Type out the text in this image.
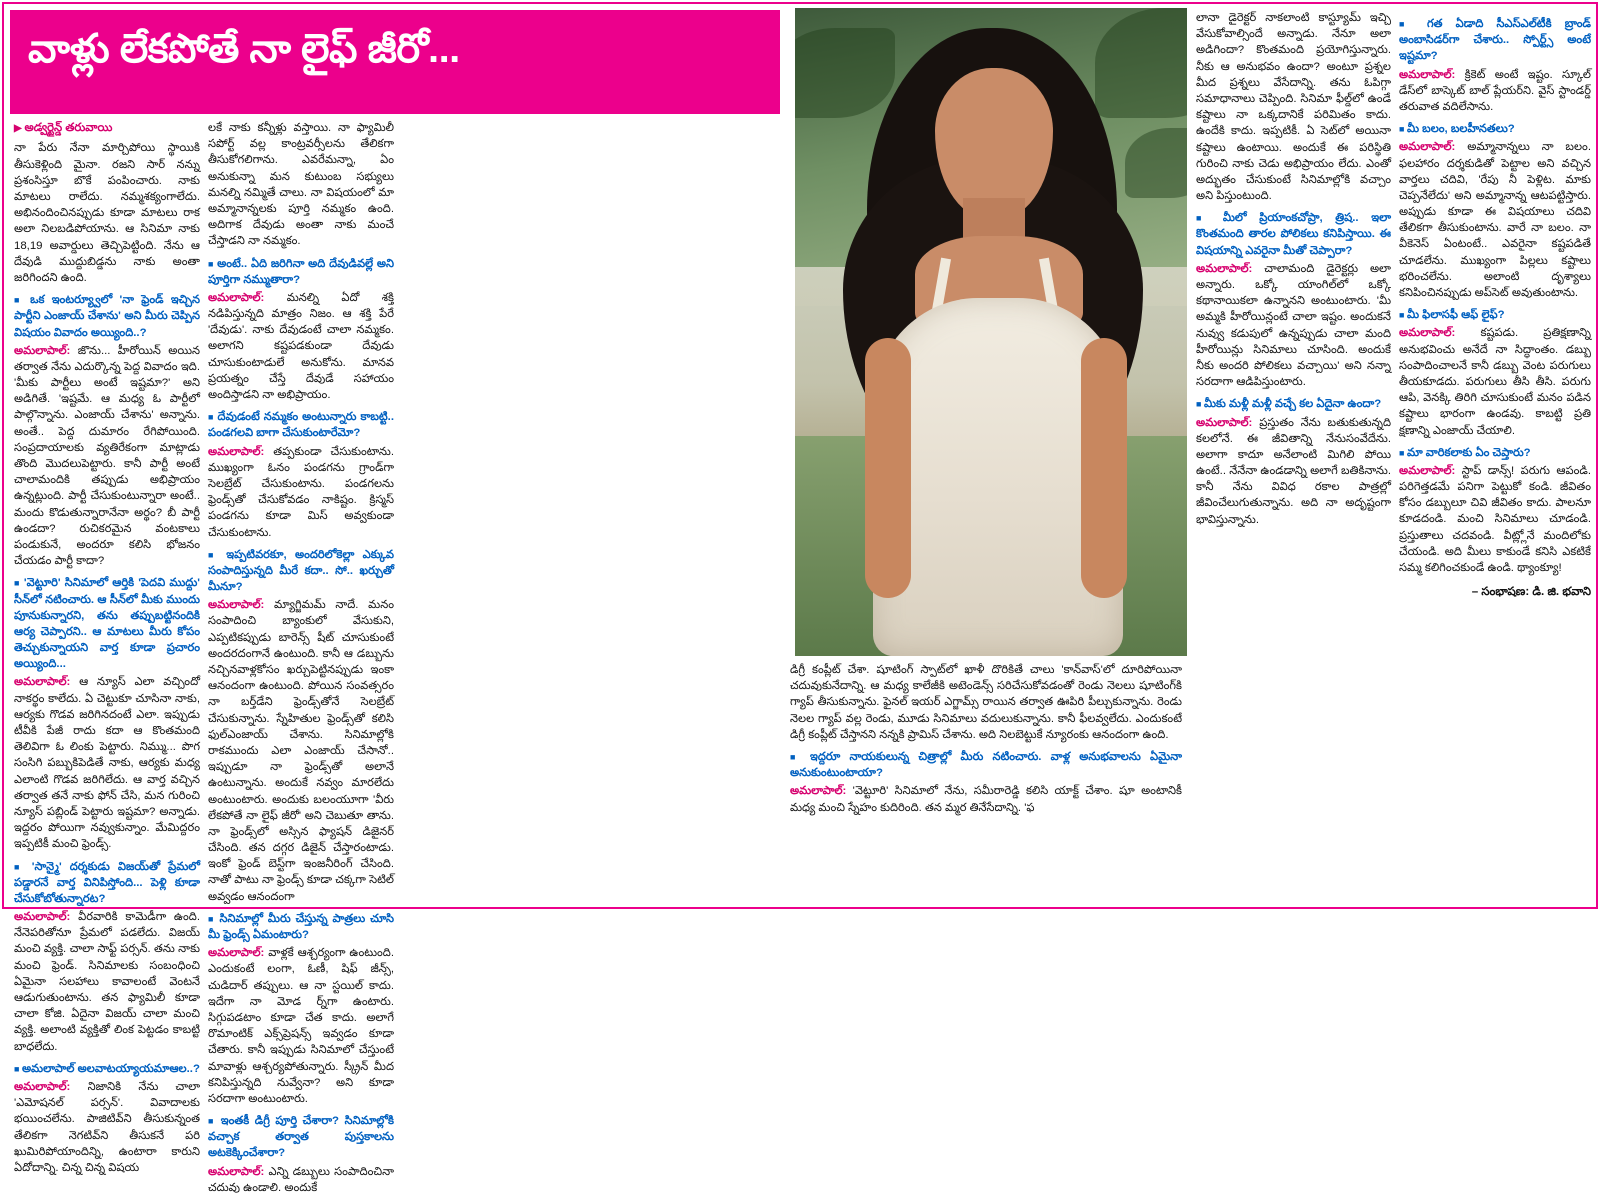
వాళ్లు లేకపోతే నా లైఫ్ జీరో...
▶ అడ్వర్టైన్డ్ తరువాయి

నా పేరు నేనా మార్చిపోయి స్థాయికి తీసుకెళ్లింది మైనా. రజని సార్ నన్ను ప్రశంసిస్తూ బొకే పంపించారు. నాకు మాటలు రాలేదు. నమ్మశక్యంగాలేదు. అభినందించినప్పుడు కూడా మాటలు రాక అలా నిలబడిపోయాను. ఆ సినిమా నాకు 18,19 అవార్డులు తెచ్చిపెట్టింది. నేను ఆ దేవుడి ముద్దుబిడ్డను నాకు అంతా జరిగిందని ఉంది.

■ ఒక ఇంటర్య్వూలో 'నా ఫ్రెండ్ ఇచ్చిన పార్టీని ఎంజాయ్ చేశాను' అని మీరు చెప్పిన విషయం వివాదం అయ్యింది..?

అమలాపాల్: జొను... హీరోయిన్ అయిన తర్వాత నేను ఎదుర్కొన్న పెద్ద వివాదం ఇది. 'మీకు పార్టీలు అంటే ఇష్టమా?' అని అడిగితే. 'ఇష్టమే. ఆ మధ్య ఓ పార్టీలో పాల్గొన్నాను. ఎంజాయ్ చేశాను' అన్నాను. అంతే.. పెద్ద దుమారం రేగిపోయింది. సంప్రదాయాలకు వ్యతిరేకంగా మాట్లాడు తొంది మొదలుపెట్టారు. కానీ పార్టీ అంటే చాలామందికి తప్పుడు అభిప్రాయం ఉన్నట్లుంది. పార్టీ చేసుకుంటున్నారా అంటే.. మందు కొడుతున్నారానేనా అర్థం? బీ పార్టీ ఉండదా? రుచికరమైన వంటకాలు పండుకునే, అందరూ కలిసి భోజనం చేయడం పార్టీ కాదా?

■ 'వెట్టూరి' సినిమాలో ఆర్తికి 'పెదవి ముద్దు' సీన్‌లో నటించారు. ఆ సీన్‌లో మీకు ముందు పూనుకున్నారని, తను తప్పుబట్టినందికి ఆర్య చెప్పారని.. ఆ మాటలు మీరు కోపం తెచ్చుకున్నాయని వార్త కూడా ప్రచారం అయ్యింది...

అమలాపాల్: ఆ న్యూస్ ఎలా వచ్చిందో నాకర్థం కాలేదు. ఏ చెట్టుకూ చూసినా నాకు, ఆర్యకు గొడవ జరిగినదంటే ఎలా. ఇప్పుడు టీవీకి పేజీ రాదు కదా ఆ కొంతమంది తెలివిగా ఓ లింకు పెట్టారు. నిమ్ము... పొగ సంసిగి పబ్బుకిపెడితే నాకు, ఆర్యకు మధ్య ఎలాంటి గొడవ జరిగిలేదు. ఆ వార్త వచ్చిన తర్వాత తనే నాకు ఫోన్ చేసి, మన గురించి న్యూస్ పబ్లిండ్ పెట్టారు ఇష్టమా? అన్నాడు. ఇద్దరం పోయిగా నవ్వుకున్నాం. మేమిద్దరం ఇప్పటికీ మంచి ఫ్రెండ్స్.

■ 'సాన్మై' దర్శకుడు విజయ్‌తో ప్రేమలో పడ్డారనే వార్త వినిపిస్తోంది... పెళ్లి కూడా చేసుకోబోతున్నారట?

అమలాపాల్: వీరవారికి కామెడీగా ఉంది. నేనెపరితోనూ ప్రేమలో పడలేదు. విజయ్ మంచి వ్యక్తి. చాలా సాఫ్ట్ పర్సన్. తను నాకు మంచి ఫ్రెండ్. సినిమాలకు సంబంధించి ఏమైనా సలహాలు కావాలంటే వెంటనే ఆడుగుతుంటాను. తన ఫ్యామిలీ కూడా చాలా కోజి. ఏదైనా విజయ్ చాలా మంచి వ్యక్తి. అలాంటి వ్యక్తితో లింక పెట్టడం కాబట్టి బాధలేదు.

■ అమలాపాల్ అలవాటయ్యాయమాఆల..?

అమలాపాల్: నిజానికి నేను చాలా 'ఎమోషనల్ పర్సన్'. వివాదాలకు భయించలేను. పాజిటివ్‌ని తీసుకున్నంత తేలికగా నెగటివ్‌ని తీసుకనే పరి ఖుమిరిపోయాందిన్ని, ఉంటారా కారుని ఏదోదాన్ని. చిన్న చిన్న విషయ

లకే నాకు కన్నీళ్లు వస్తాయి. నా ఫ్యామిలీ సపోర్ట్ వల్ల కాంట్రవర్సీలను తేలికగా తీసుకోగలిగాను. ఎవరేమన్నా, ఏం అనుకున్నా మన కుటుంబ సభ్యులు మనల్ని నమ్మితే చాలు. నా విషయంలో మా అమ్మానాన్నలకు పూర్తి నమ్మకం ఉంది. అదిగాక దేవుడు అంతా నాకు మంచే చేస్తాడని నా నమ్మకం.

■ అంటే.. ఏది జరిగినా అది దేవుడివల్లే అని పూర్తిగా నమ్ముతారా?

అమలాపాల్: మనల్ని ఏదో శక్తి నడిపిస్తున్నది మాత్రం నిజం. ఆ శక్తి పేరే 'దేవుడు'. నాకు దేవుడంటే చాలా నమ్మకం. అలాగని కష్టపడకుండా దేవుడు చూసుకుంటాడులే అనుకోను. మానవ ప్రయత్నం చేస్తే దేవుడే సహాయం అందిస్తాడని నా అభిప్రాయం.

■ దేవుడంటే నమ్మకం అంటున్నారు కాబట్టి.. పండగలవి బాగా చేసుకుంటారేమో?

అమలాపాల్: తప్పకుండా చేసుకుంటాను. ముఖ్యంగా ఓనం పండగను గ్రాండ్‌గా సెలబ్రేట్ చేసుకుంటాను. పండగలను ఫ్రెండ్స్‌తో చేసుకోవడం నాకిష్టం. క్రిస్మస్ పండగను కూడా మిస్ అవ్వకుండా చేసుకుంటాను.

■ ఇప్పటివరకూ, అందరిలోకెల్లా ఎక్కువ సంపాదిస్తున్నది మీరే కదా.. సో.. ఖర్చుతో మీనూ?

అమలాపాల్: మ్యాగ్జిమమ్ నాదే. మనం సంపాదించి బ్యాంకులో వేసుకుని, ఎప్పటికప్పుడు బారెన్స్ షీట్ చూసుకుంటే అందరదంగానే ఉంటుంది. కానీ ఆ డబ్బును నచ్చినవాళ్లకోసం ఖర్చుపెట్టినప్పుడు ఇంకా ఆనందంగా ఉంటుంది. పోయిన సంవత్సరం నా బర్త్‌డేని ఫ్రెండ్స్‌తోనే సెలబ్రేట్ చేసుకున్నాను. స్నేహితుల ఫ్రెండ్స్‌తో కలిసి ఫుల్‌ఎంజాయ్ చేశాను. సినిమాల్లోకి రాకముందు ఎలా ఎంజాయ్ చేసానో.. ఇప్పుడూ నా ఫ్రెండ్స్‌తో అలానే ఉంటున్నాను. అందుకే నవ్వం మారలేదు అంటుంటారు. అందుకు బలంయూగా 'వీరు లేకపోతే నా లైఫ్ జీరో' అని చెబుతూ తాను. నా ఫ్రెండ్స్‌లో అస్సిన ఫ్యాషన్ డిజైనర్ చేసింది. తన దగ్గర డిజైన్ చేస్తారంటాడు. ఇంకో ఫ్రెండ్ బెస్ట్‌గా ఇంజనీరింగ్ చేసింది. నాతో పాటు నా ఫ్రెండ్స్ కూడా చక్కగా సెటిల్ అవ్వడం ఆనందంగా

■ సినిమాల్లో మీరు చేస్తున్న పాత్రలు చూసి మీ ఫ్రెండ్స్ ఏమంటారు?

అమలాపాల్: వాళ్లకే ఆశ్చర్యంగా ఉంటుంది. ఎందుకంటే లంగా, ఓణీ, షిఫ్ జీన్స్, చుడిదార్ తప్పులు. ఆ నా స్టయిల్ కాదు. ఇదేగా నా మోడ ర్న్‌గా ఉంటారు. సిగ్గుపడటాం కూడా చేత కాదు. అలాగే రొమాంటిక్ ఎక్స్‌ప్రెషన్స్ ఇవ్వడం కూడా చేతారు. కానీ ఇప్పుడు సినిమాలో చేస్తుంటే మావాళ్లు ఆశ్చర్యపోతున్నారు. స్క్రీన్ మీద కనిపిస్తున్నది నువ్వేనా? అని కూడా సరదాగా అంటుంటారు.

■ ఇంతకీ డిగ్రీ పూర్తి చేశారా? సినిమాల్లోకి వచ్చాక తర్వాత పుస్తకాలను అటకెక్కించేశారా?

అమలాపాల్: ఎన్ని డబ్బులు సంపాదించినా చదువు ఉండాలి. అందుకే

డిగ్రీ కంప్లీట్ చేశా. షూటింగ్ స్పాట్‌లో ఖాళీ దొరికితే చాలు 'కాన్‌వాస్‌'లో దూరిపోయినా చదువుకునేదాన్ని. ఆ మధ్య కాలేజీకి అటెండెన్స్ సరిచేసుకోవడంతో రెండు నెలలు షూటింగ్‌కి గ్యాప్ తీసుకున్నాను. ఫైనల్ ఇయర్ ఎగ్జామ్స్ రాయిన తర్వాత ఊపిరి పీల్చుకున్నాను. రెండు నెలల గ్యాప్ వల్ల రెండు, మూడు సినిమాలు వదులుకున్నాను. కానీ ఫీలవ్వలేదు. ఎందుకంటే డిగ్రీ కంప్లీట్ చేస్తానని నన్నకి ప్రామిస్ చేశాను. అది నిలబెట్టుకే న్యూరంకు ఆనందంగా ఉంది.

■ ఇద్దరూ నాయకులున్న చిత్రాల్లో మీరు నటించారు. వాళ్ల అనుభవాలను ఏమైనా అనుకుంటుంటాయా?

అమలాపాల్: 'వెట్టూరి' సినిమాలో నేను, సమీరారెడ్డి కలిసి యాక్ట్ చేశాం. షూ అంటానికీ మధ్య మంచి స్నేహం కుదిరింది. తన మ్మర తినేసేదాన్ని. 'ఫ

లానా డైరెక్టర్ నాకలాంటి కాస్ట్యూమ్ ఇచ్చి వేసుకోవాల్సిందే అన్నాడు. నేనూ అలా అడిగిందా? కొంతమంది ప్రయోగిస్తున్నారు. నీకు ఆ అనుభవం ఉందా? అంటూ ప్రశ్నల మీద ప్రశ్నలు వేసేదాన్ని. తను ఓపిగ్గా సమాధానాలు చెప్పింది. సినిమా ఫీల్డ్‌లో ఉండే కష్టాలు నా ఒక్కదానికే పరిమితం కాదు. ఉందేకి కాదు. ఇప్పటికీ. ఏ సెట్‌లో అయినా కష్టాలు ఉంటాయి. అందుకే ఈ పరిస్థితి గురించి నాకు చెడు అభిప్రాయం లేదు. ఎంతో అద్భుతం చేసుకుంటే సినిమాల్లోకి వచ్చాం అని పిస్తుంటుంది.

■ మీలో ప్రియాంకచోప్రా, త్రిష.. ఇలా కొంతమంది తారల పోలికలు కనిపిస్తాయి. ఈ విషయాన్ని ఎవరైనా మీతో చెప్పారా?

అమలాపాల్: చాలామంది డైరెక్టర్లు అలా అన్నారు. ఒక్కో యాంగిల్‌లో ఒక్కో కథానాయికలా ఉన్నానని అంటుంటారు. 'మీ అమ్మకి హీరోయిన్లంటే చాలా ఇష్టం. అందుకనే నువ్వు కడుపులో ఉన్నప్పుడు చాలా మంది హీరోయిన్లు సినిమాలు చూసింది. అందుకే నీకు అందరి పోలికలు వచ్చాయి' అని నన్నా సరదాగా ఆడిపిస్తుంటారు.

■ మీకు మళ్లీ మళ్లీ వచ్చే కల ఏదైనా ఉందా?

అమలాపాల్: ప్రస్తుతం నేను బతుకుతున్నది కలలోనే. ఈ జీవితాన్ని నేనుసంవేదేను. అలాగా కాదూ అనేలాంటి మిగిలి పోయి ఉంటే.. నేనేనా ఉండడాన్ని అలాగే బతికినాను. కానీ నేను వివిధ రకాల పాత్రల్లో జీవించేలుగుతున్నాను. అది నా అదృష్టంగా భావిస్తున్నాను.

■ గత ఏడాది సీఎస్‌ఎల్‌టీకి బ్రాండ్ అంబాసిడర్‌గా చేశారు.. స్పోర్ట్స్ అంటే ఇష్టమా?

అమలాపాల్: క్రికెట్ అంటే ఇష్టం. స్కూల్ డేస్‌లో బాస్కెట్ బాల్ ప్లేయర్‌ని. వైస్ స్టాండర్డ్ తరువాత వదిలేసాను.

■ మీ బలం, బలహీనతలు?

అమలాపాల్: అమ్మానాన్నలు నా బలం. ఫలహారం దర్శకుడితో పెట్టాల అని వచ్చిన వార్తలు చదివి, 'రేపు నీ పెళ్లిట. మాకు చెప్పనేలేదు' అని అమ్మానాన్న ఆటపట్టిస్తారు. అప్పుడు కూడా ఈ విషయాలు చదివి తేలికగా తీసుకుంటాను. వారే నా బలం. నా వీకెనెస్ ఏంటంటే.. ఎవరైనా కష్టపడితే చూడలేను. ముఖ్యంగా పిల్లలు కష్టాలు భరించలేను. అలాంటి దృశ్యాలు కనిపించినప్పుడు అప్‌సెట్ అవుతుంటాను.

■ మీ ఫిలాసఫీ ఆఫ్ లైఫ్?

అమలాపాల్: కష్టపడు. ప్రతిక్షణాన్ని అనుభవించు అనేదే నా సిద్ధాంతం. డబ్బు సంపాదించాలనే కానీ డబ్బు వెంట పరుగులు తీయకూడదు. పరుగులు తీసి తీసి. పరుగు ఆపి, వెనక్కి తిరిగి చూసుకుంటే మనం పడిన కష్టాలు భారంగా ఉండవు. కాబట్టి ప్రతి క్షణాన్ని ఎంజాయ్ చేయాలి.

■ మా వారికలాకు ఏం చెప్తారు?

అమలాపాల్: స్టాప్ డాన్స్! పరుగు ఆపండి. పరిగెత్తడమే పనిగా పెట్టుకో కండి. జీవితం కోసం డబ్బులూ చివి జీవితం కాదు. పాలనూ కూడదండి. మంచి సినిమాలు చూడండి. ప్రస్తుతాలు చదవండి. వీట్ల్లోనే మందిలోకు చేయండి. అది మీలు కాకుండే కనిసి ఎకటికే సమ్మ కలిగించకుండే ఉండి. థ్యాంక్యూ!

– సంభాషణ: డి. జి. భవాని
